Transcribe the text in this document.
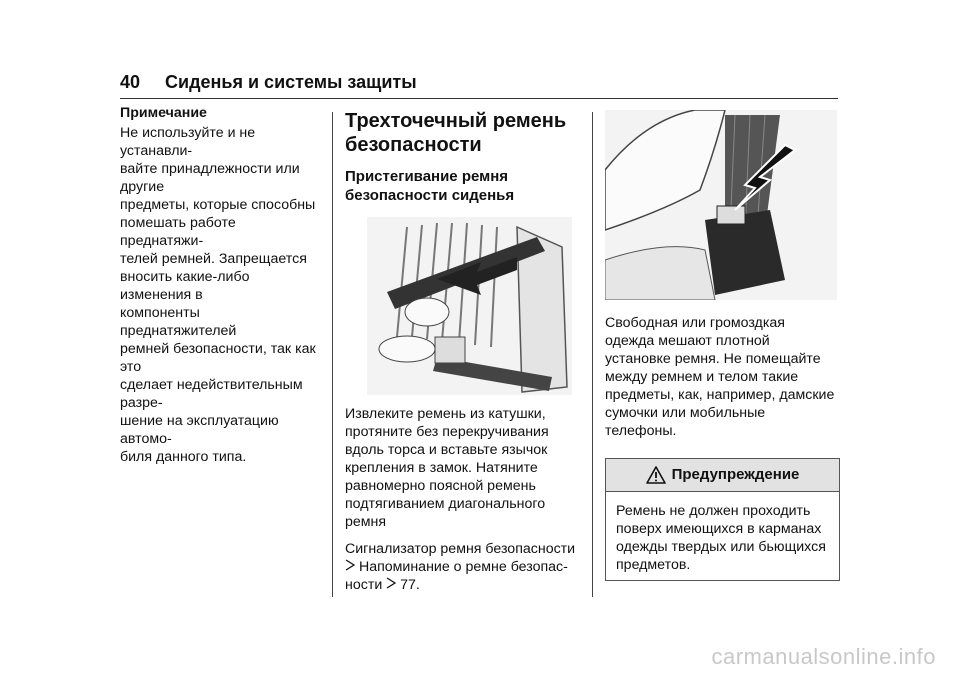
40 Сиденья и системы защиты
Примечание
Не используйте и не устанавли-
вайте принадлежности или другие
предметы, которые способны
помешать работе преднатяжи-
телей ремней. Запрещается
вносить какие-либо изменения в
компоненты преднатяжителей
ремней безопасности, так как это
сделает недействительным разре-
шение на эксплуатацию автомо-
биля данного типа.
Трехточечный ремень
безопасности
Пристегивание ремня
безопасности сиденья
Извлеките ремень из катушки,
протяните без перекручивания
вдоль торса и вставьте язычок
крепления в замок. Натяните
равномерно поясной ремень
подтягиванием диагонального
ремня
Сигнализатор ремня безопасности
Напоминание о ремне безопас-
ности 77.
Свободная или громоздкая
одежда мешают плотной
установке ремня. Не помещайте
между ремнем и телом такие
предметы, как, например, дамские
сумочки или мобильные
телефоны.
Предупреждение
Ремень не должен проходить
поверх имеющихся в карманах
одежды твердых или бьющихся
предметов.
carmanualsonline.info
